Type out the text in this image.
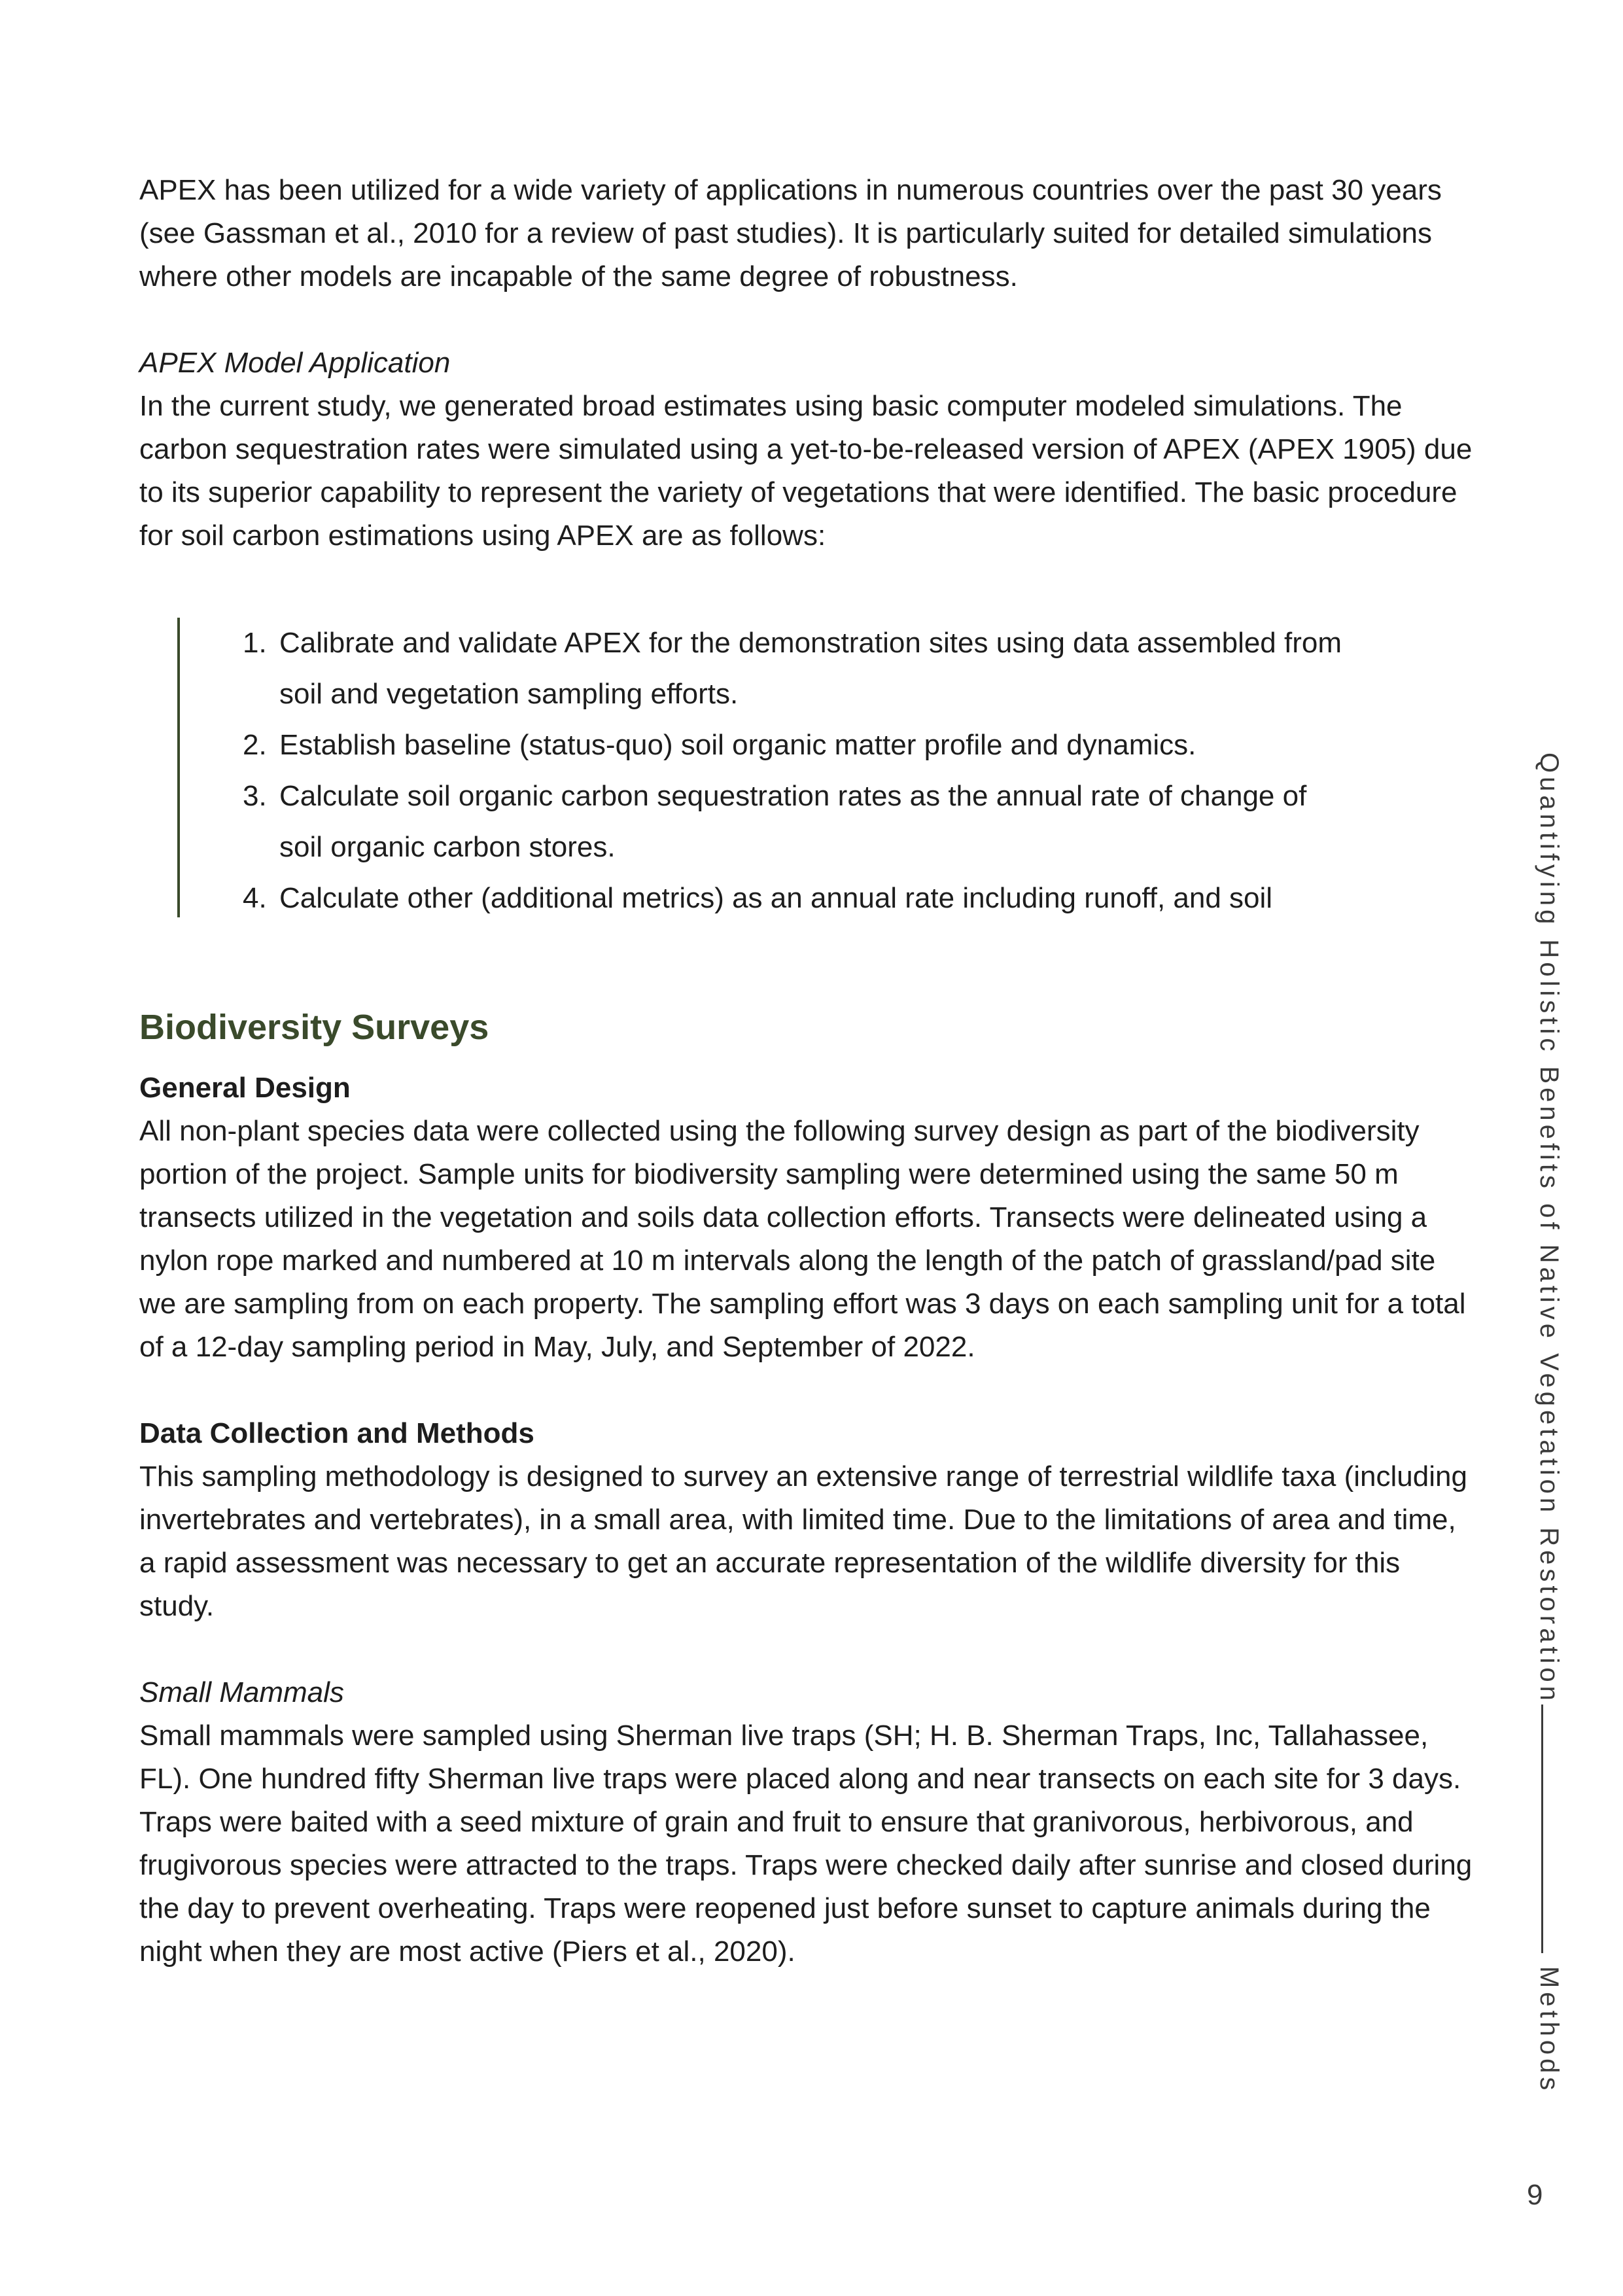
APEX has been utilized for a wide variety of applications in numerous countries over the past 30 years (see Gassman et al., 2010 for a review of past studies). It is particularly suited for detailed simulations where other models are incapable of the same degree of robustness.

APEX Model Application

In the current study, we generated broad estimates using basic computer modeled simulations. The carbon sequestration rates were simulated using a yet-to-be-released version of APEX (APEX 1905) due to its superior capability to represent the variety of vegetations that were identified. The basic procedure for soil carbon estimations using APEX are as follows:

1. Calibrate and validate APEX for the demonstration sites using data assembled from soil and vegetation sampling efforts.
2. Establish baseline (status-quo) soil organic matter profile and dynamics.
3. Calculate soil organic carbon sequestration rates as the annual rate of change of soil organic carbon stores.
4. Calculate other (additional metrics) as an annual rate including runoff, and soil
Biodiversity Surveys

General Design

All non-plant species data were collected using the following survey design as part of the biodiversity portion of the project. Sample units for biodiversity sampling were determined using the same 50 m transects utilized in the vegetation and soils data collection efforts. Transects were delineated using a nylon rope marked and numbered at 10 m intervals along the length of the patch of grassland/pad site we are sampling from on each property. The sampling effort was 3 days on each sampling unit for a total of a 12-day sampling period in May, July, and September of 2022.

Data Collection and Methods

This sampling methodology is designed to survey an extensive range of terrestrial wildlife taxa (including invertebrates and vertebrates), in a small area, with limited time. Due to the limitations of area and time, a rapid assessment was necessary to get an accurate representation of the wildlife diversity for this study.

Small Mammals

Small mammals were sampled using Sherman live traps (SH; H. B. Sherman Traps, Inc, Tallahassee, FL). One hundred fifty Sherman live traps were placed along and near transects on each site for 3 days. Traps were baited with a seed mixture of grain and fruit to ensure that granivorous, herbivorous, and frugivorous species were attracted to the traps. Traps were checked daily after sunrise and closed during the day to prevent overheating. Traps were reopened just before sunset to capture animals during the night when they are most active (Piers et al., 2020).

Quantifying Holistic Benefits of Native Vegetation Restoration
Methods
9
